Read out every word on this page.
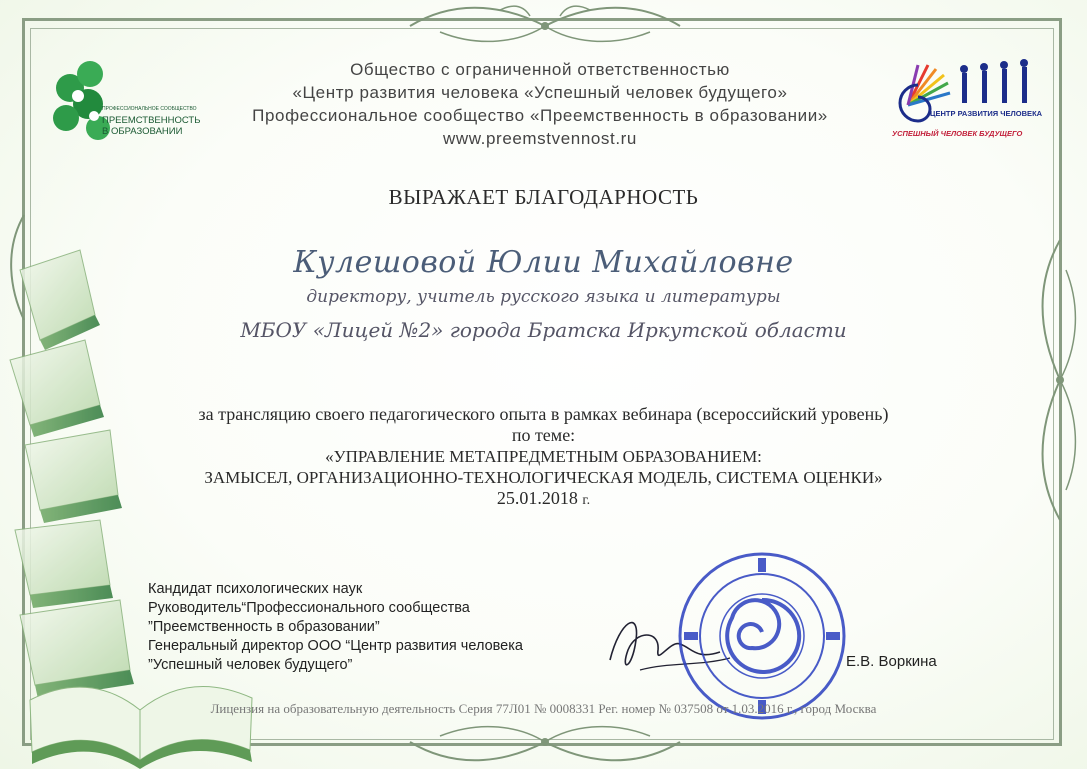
ПРОФЕССИОНАЛЬНОЕ СООБЩЕСТВО
ПРЕЕМСТВЕННОСТЬ
В ОБРАЗОВАНИИ
ЦЕНТР РАЗВИТИЯ ЧЕЛОВЕКА
УСПЕШНЫЙ ЧЕЛОВЕК БУДУЩЕГО
Общество с ограниченной ответственностью
«Центр развития человека «Успешный человек будущего»
Профессиональное сообщество «Преемственность в образовании»
www.preemstvennost.ru
ВЫРАЖАЕТ БЛАГОДАРНОСТЬ
Кулешовой Юлии Михайловне
директору, учитель русского языка и литературы
МБОУ «Лицей №2» города Братска Иркутской области
за трансляцию своего педагогического опыта в рамках вебинара (всероссийский уровень)
по теме:
«УПРАВЛЕНИЕ МЕТАПРЕДМЕТНЫМ ОБРАЗОВАНИЕМ:
ЗАМЫСЕЛ, ОРГАНИЗАЦИОННО-ТЕХНОЛОГИЧЕСКАЯ МОДЕЛЬ, СИСТЕМА ОЦЕНКИ»
25.01.2018 г.
Кандидат психологических наук
Руководитель“Профессионального сообщества
”Преемственность в образовании”
Генеральный директор ООО “Центр развития человека
”Успешный человек будущего”	Е.В. Воркина
Лицензия на образовательную деятельность Серия 77Л01 № 0008331 Рег. номер № 037508 от 1.03.2016 г., город Москва
